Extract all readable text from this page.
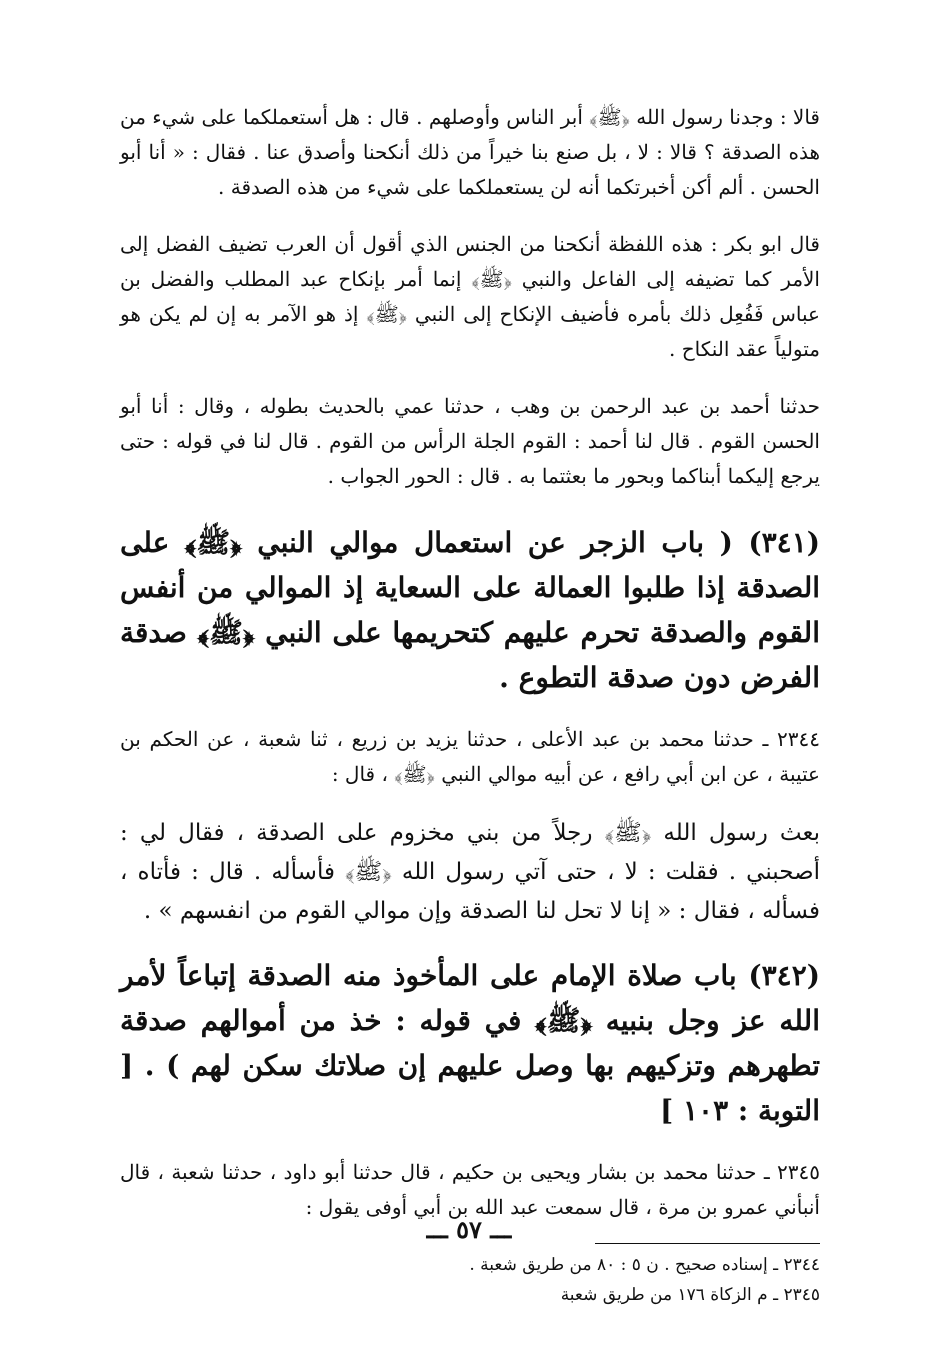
قالا : وجدنا رسول الله ﴿ﷺ﴾ أبر الناس وأوصلهم . قال : هل أستعملكما على شيء من هذه الصدقة ؟ قالا : لا ، بل صنع بنا خيراً من ذلك أنكحنا وأصدق عنا . فقال : « أنا أبو الحسن . ألم أكن أخبرتكما أنه لن يستعملكما على شيء من هذه الصدقة .

قال ابو بكر : هذه اللفظة أنكحنا من الجنس الذي أقول أن العرب تضيف الفضل إلى الأمر كما تضيفه إلى الفاعل والنبي ﴿ﷺ﴾ إنما أمر بإنكاح عبد المطلب والفضل بن عباس فَفُعِل ذلك بأمره فأضيف الإنكاح إلى النبي ﴿ﷺ﴾ إذ هو الآمر به إن لم يكن هو متولياً عقد النكاح .

حدثنا أحمد بن عبد الرحمن بن وهب ، حدثنا عمي بالحديث بطوله ، وقال : أنا أبو الحسن القوم . قال لنا أحمد : القوم الجلة الرأس من القوم . قال لنا في قوله : حتى يرجع إليكما أبناكما وبحور ما بعثتما به . قال : الحور الجواب .

(٣٤١) ( باب الزجر عن استعمال موالي النبي ﴿ﷺ﴾ على الصدقة إذا طلبوا العمالة على السعاية إذ الموالي من أنفس القوم والصدقة تحرم عليهم كتحريمها على النبي ﴿ﷺ﴾ صدقة الفرض دون صدقة التطوع .

٢٣٤٤ ـ حدثنا محمد بن عبد الأعلى ، حدثنا يزيد بن زريع ، ثنا شعبة ، عن الحكم بن عتيبة ، عن ابن أبي رافع ، عن أبيه موالي النبي ﴿ﷺ﴾ ، قال :

بعث رسول الله ﴿ﷺ﴾ رجلاً من بني مخزوم على الصدقة ، فقال لي : أصحبني . فقلت : لا ، حتى آتي رسول الله ﴿ﷺ﴾ فأسأله . قال : فأتاه ، فسأله ، فقال : « إنا لا تحل لنا الصدقة وإن موالي القوم من انفسهم » .

(٣٤٢) باب صلاة الإمام على المأخوذ منه الصدقة إتباعاً لأمر الله عز وجل بنبيه ﴿ﷺ﴾ في قوله : خذ من أموالهم صدقة تطهرهم وتزكيهم بها وصل عليهم إن صلاتك سكن لهم ) . [ التوبة : ١٠٣ ]

٢٣٤٥ ـ حدثنا محمد بن بشار ويحيى بن حكيم ، قال حدثنا أبو داود ، حدثنا شعبة ، قال أنبأني عمرو بن مرة ، قال سمعت عبد الله بن أبي أوفى يقول :

٢٣٤٤ ـ إسناده صحيح . ن ٥ : ٨٠ من طريق شعبة .

٢٣٤٥ ـ م الزكاة ١٧٦ من طريق شعبة

ـــ ٥٧ ـــ
